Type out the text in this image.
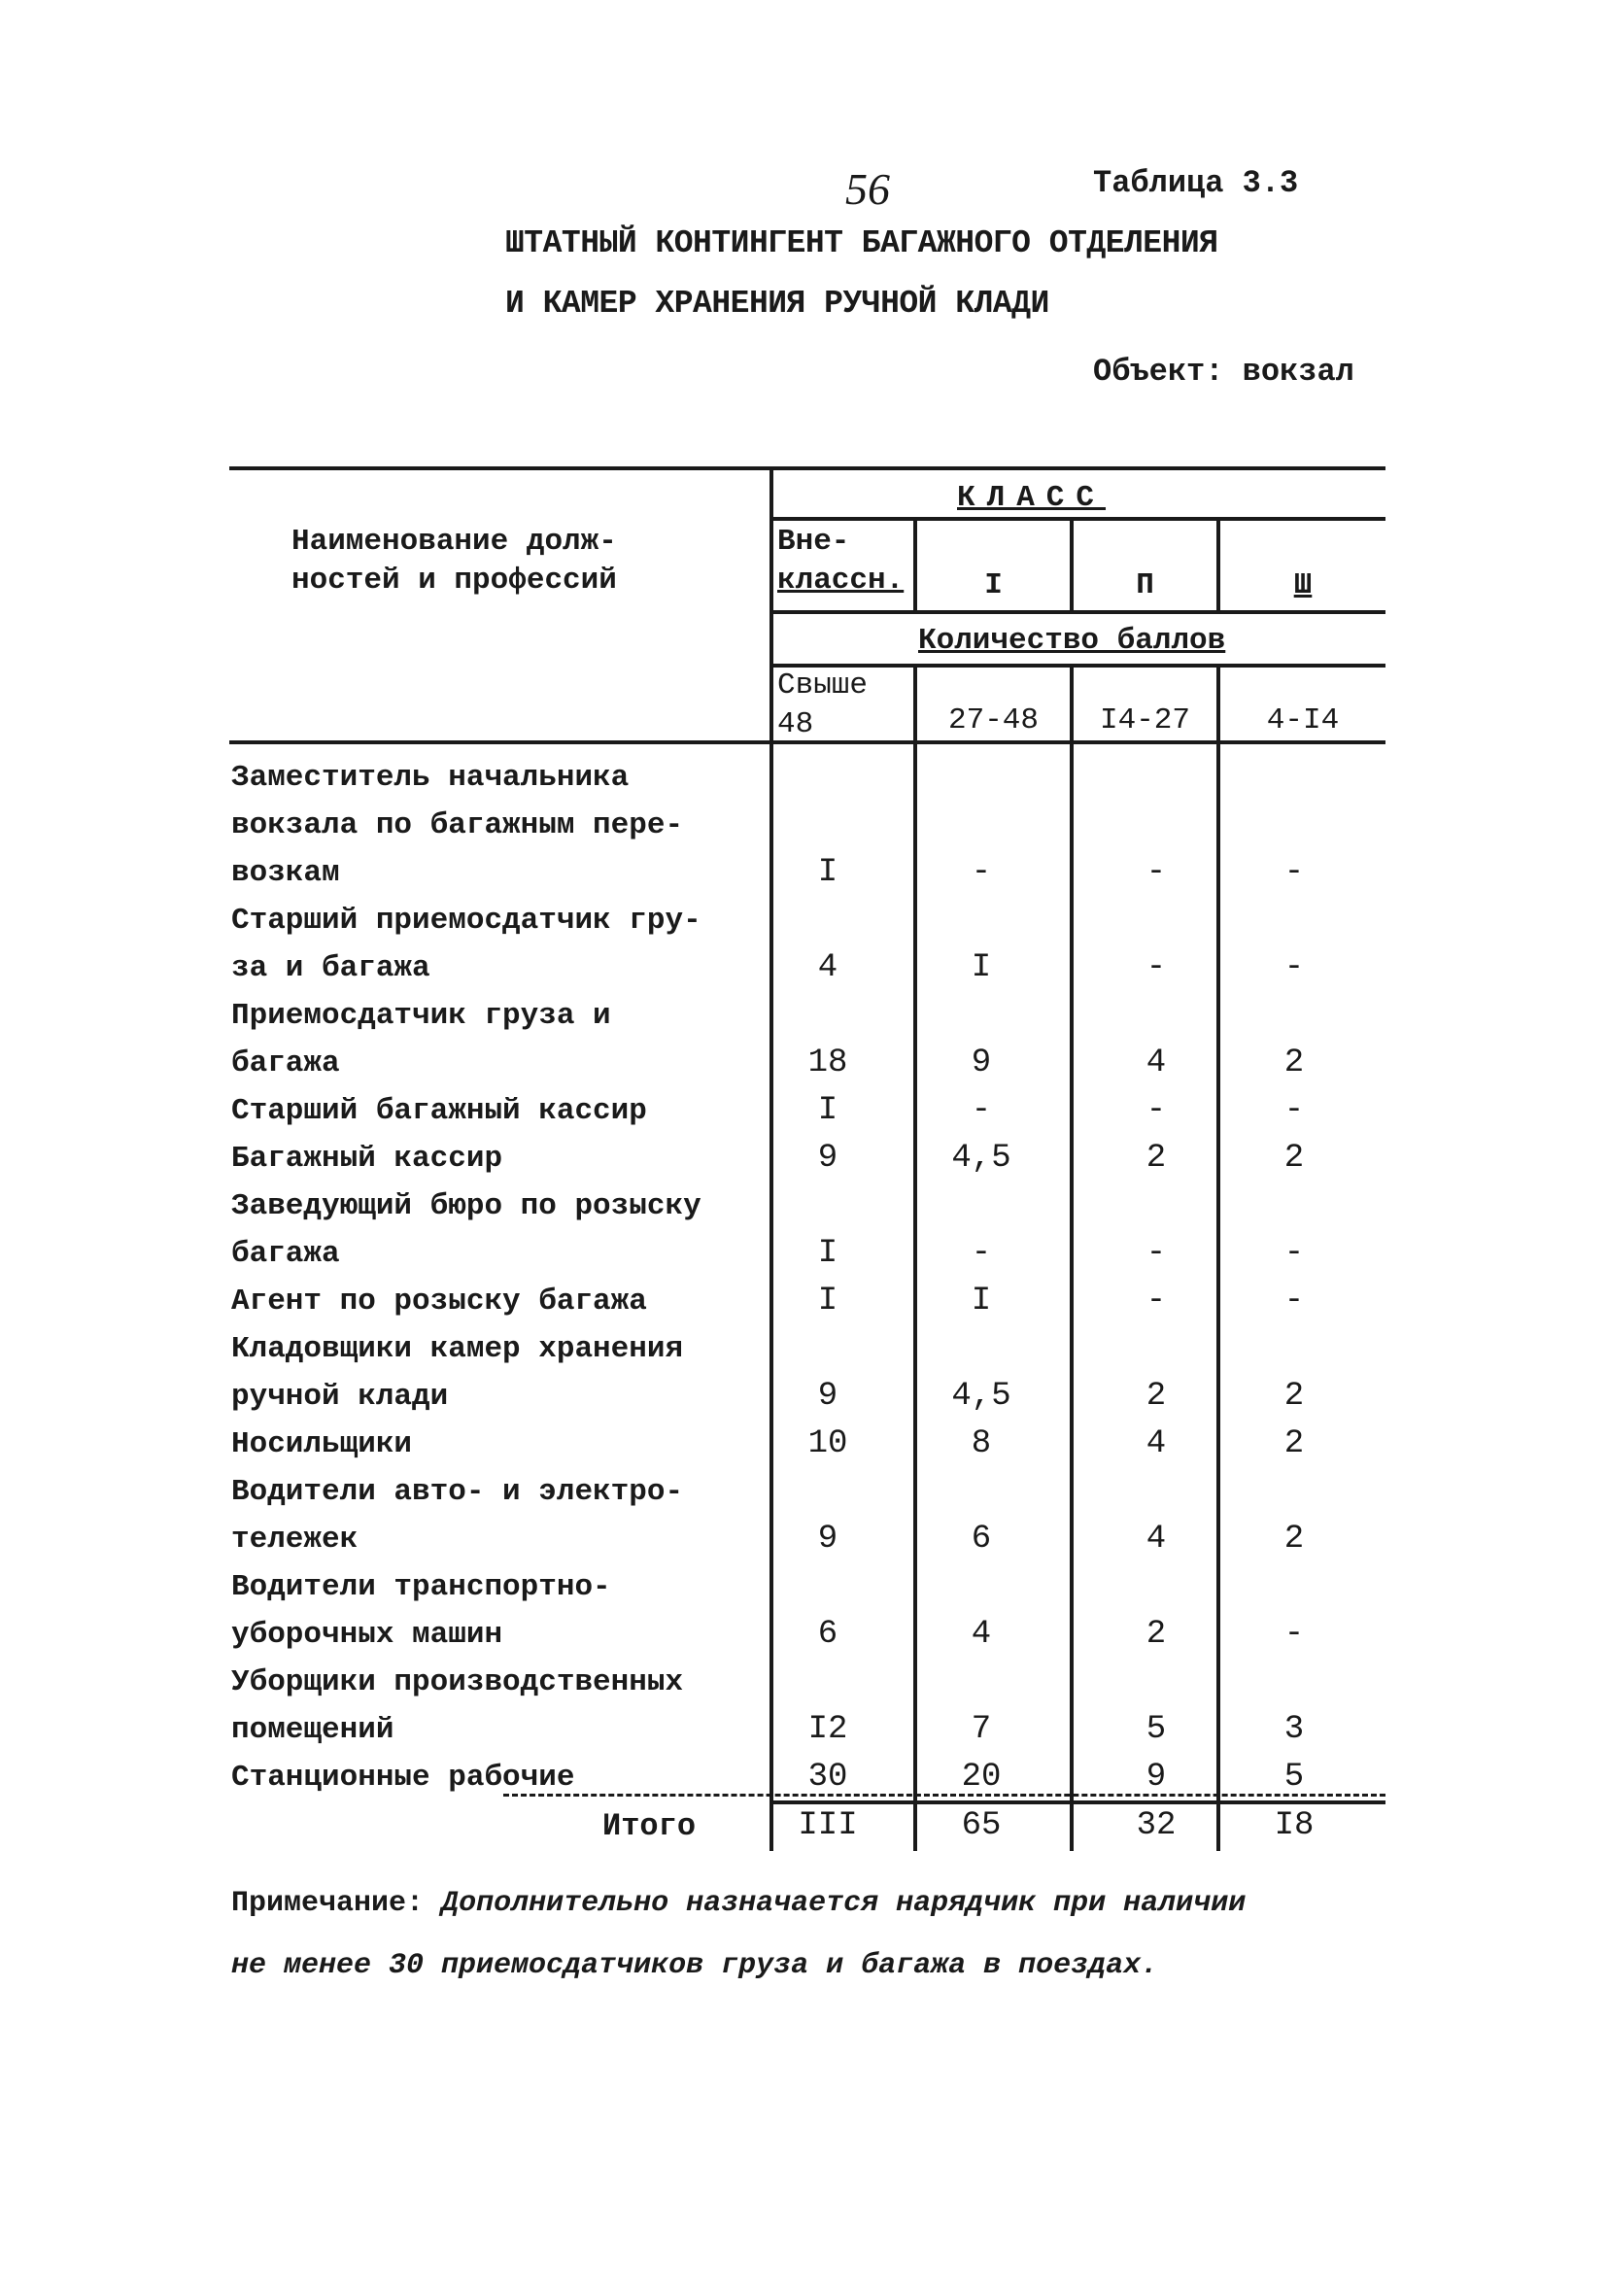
56	Таблица 3.3
ШТАТНЫЙ КОНТИНГЕНТ БАГАЖНОГО ОТДЕЛЕНИЯ
И КАМЕР ХРАНЕНИЯ РУЧНОЙ КЛАДИ
Объект: вокзал
Наименование долж-
ностей и профессий
КЛАСС
Вне-
классн.	I	П	Ш
Количество баллов
Свыше
48	27-48	I4-27	4-I4
Заместитель начальника
вокзала по багажным пере-
возкам	I	-	-	-
Старший приемосдатчик гру-
за и багажа	4	I	-	-
Приемосдатчик груза и
багажа	18	9	4	2
Старший багажный кассир	I	-	-	-
Багажный кассир	9	4,5	2	2
Заведующий бюро по розыску
багажа	I	-	-	-
Агент по розыску багажа	I	I	-	-
Кладовщики камер хранения
ручной клади	9	4,5	2	2
Носильщики	10	8	4	2
Водители авто- и электро-
тележек	9	6	4	2
Водители транспортно-
уборочных машин	6	4	2	-
Уборщики производственных
помещений	I2	7	5	3
Станционные рабочие	30	20	9	5
Итого	III	65	32	I8
Примечание: Дополнительно назначается нарядчик при наличии
не менее 30 приемосдатчиков груза и багажа в поездах.
